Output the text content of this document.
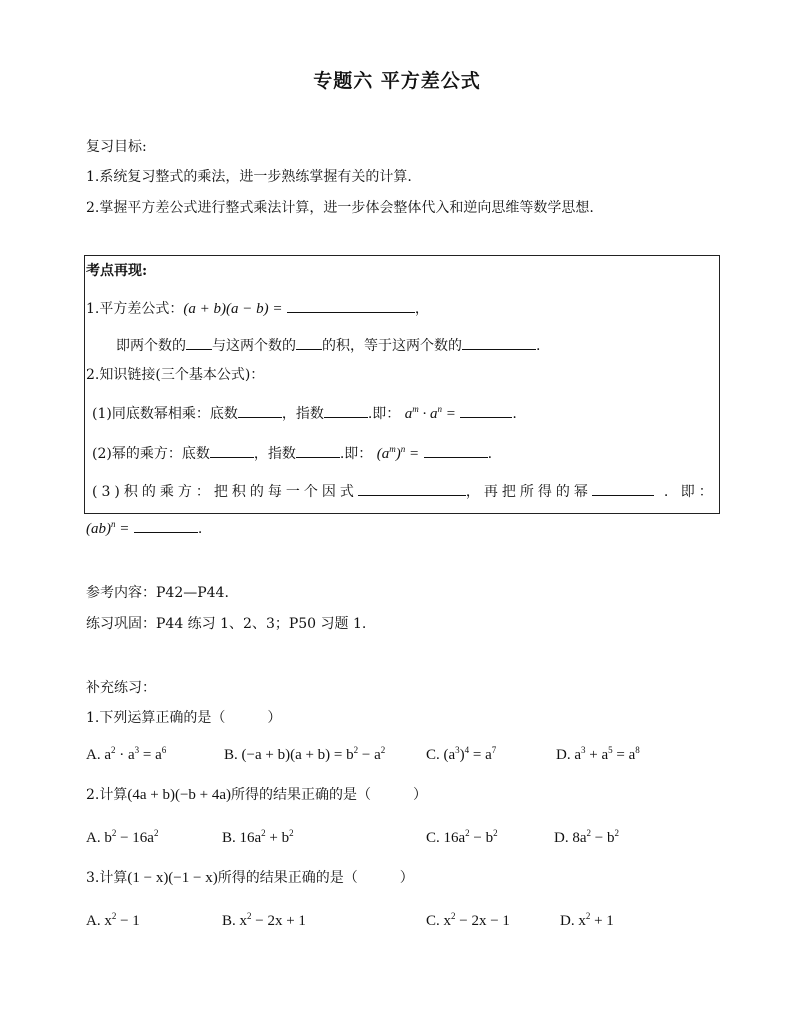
专题六 平方差公式
复习目标:
1.系统复习整式的乘法，进一步熟练掌握有关的计算.
2.掌握平方差公式进行整式乘法计算，进一步体会整体代入和逆向思维等数学思想.
考点再现:
1.平方差公式：(a + b)(a − b) =	，
即两个数的 与这两个数的 的积，等于这两个数的	.
2.知识链接(三个基本公式)：
(1)同底数幂相乘：底数	，指数	.即： $a^m \cdot a^n$ =	.
(2)幂的乘方：底数	，指数	.即： $(a^m)^n$ =	.
(3)积的乘方：把积的每一个因式	，再把所得的幂	. 即：
(ab)$^n$ =	.
参考内容：P42—P44.
练习巩固：P44 练习 1、2、3；P50 习题 1.
补充练习：
1.下列运算正确的是（　　　）
A. $a^2 \cdot a^3 = a^6$	B. $(-a + b)(a + b) = b^2 - a^2$	C. $(a^3)^4 = a^7$	D. $a^3 + a^5 = a^8$
2.计算(4a + b)(−b + 4a)所得的结果正确的是（　　　）
A. $b^2 - 16a^2$	B. $16a^2 + b^2$	C. $16a^2 - b^2$	D. $8a^2 - b^2$
3.计算(1 − x)(−1 − x)所得的结果正确的是（　　　）
A. $x^2 - 1$	B. $x^2 - 2x + 1$	C. $x^2 - 2x - 1$	D. $x^2 + 1$
